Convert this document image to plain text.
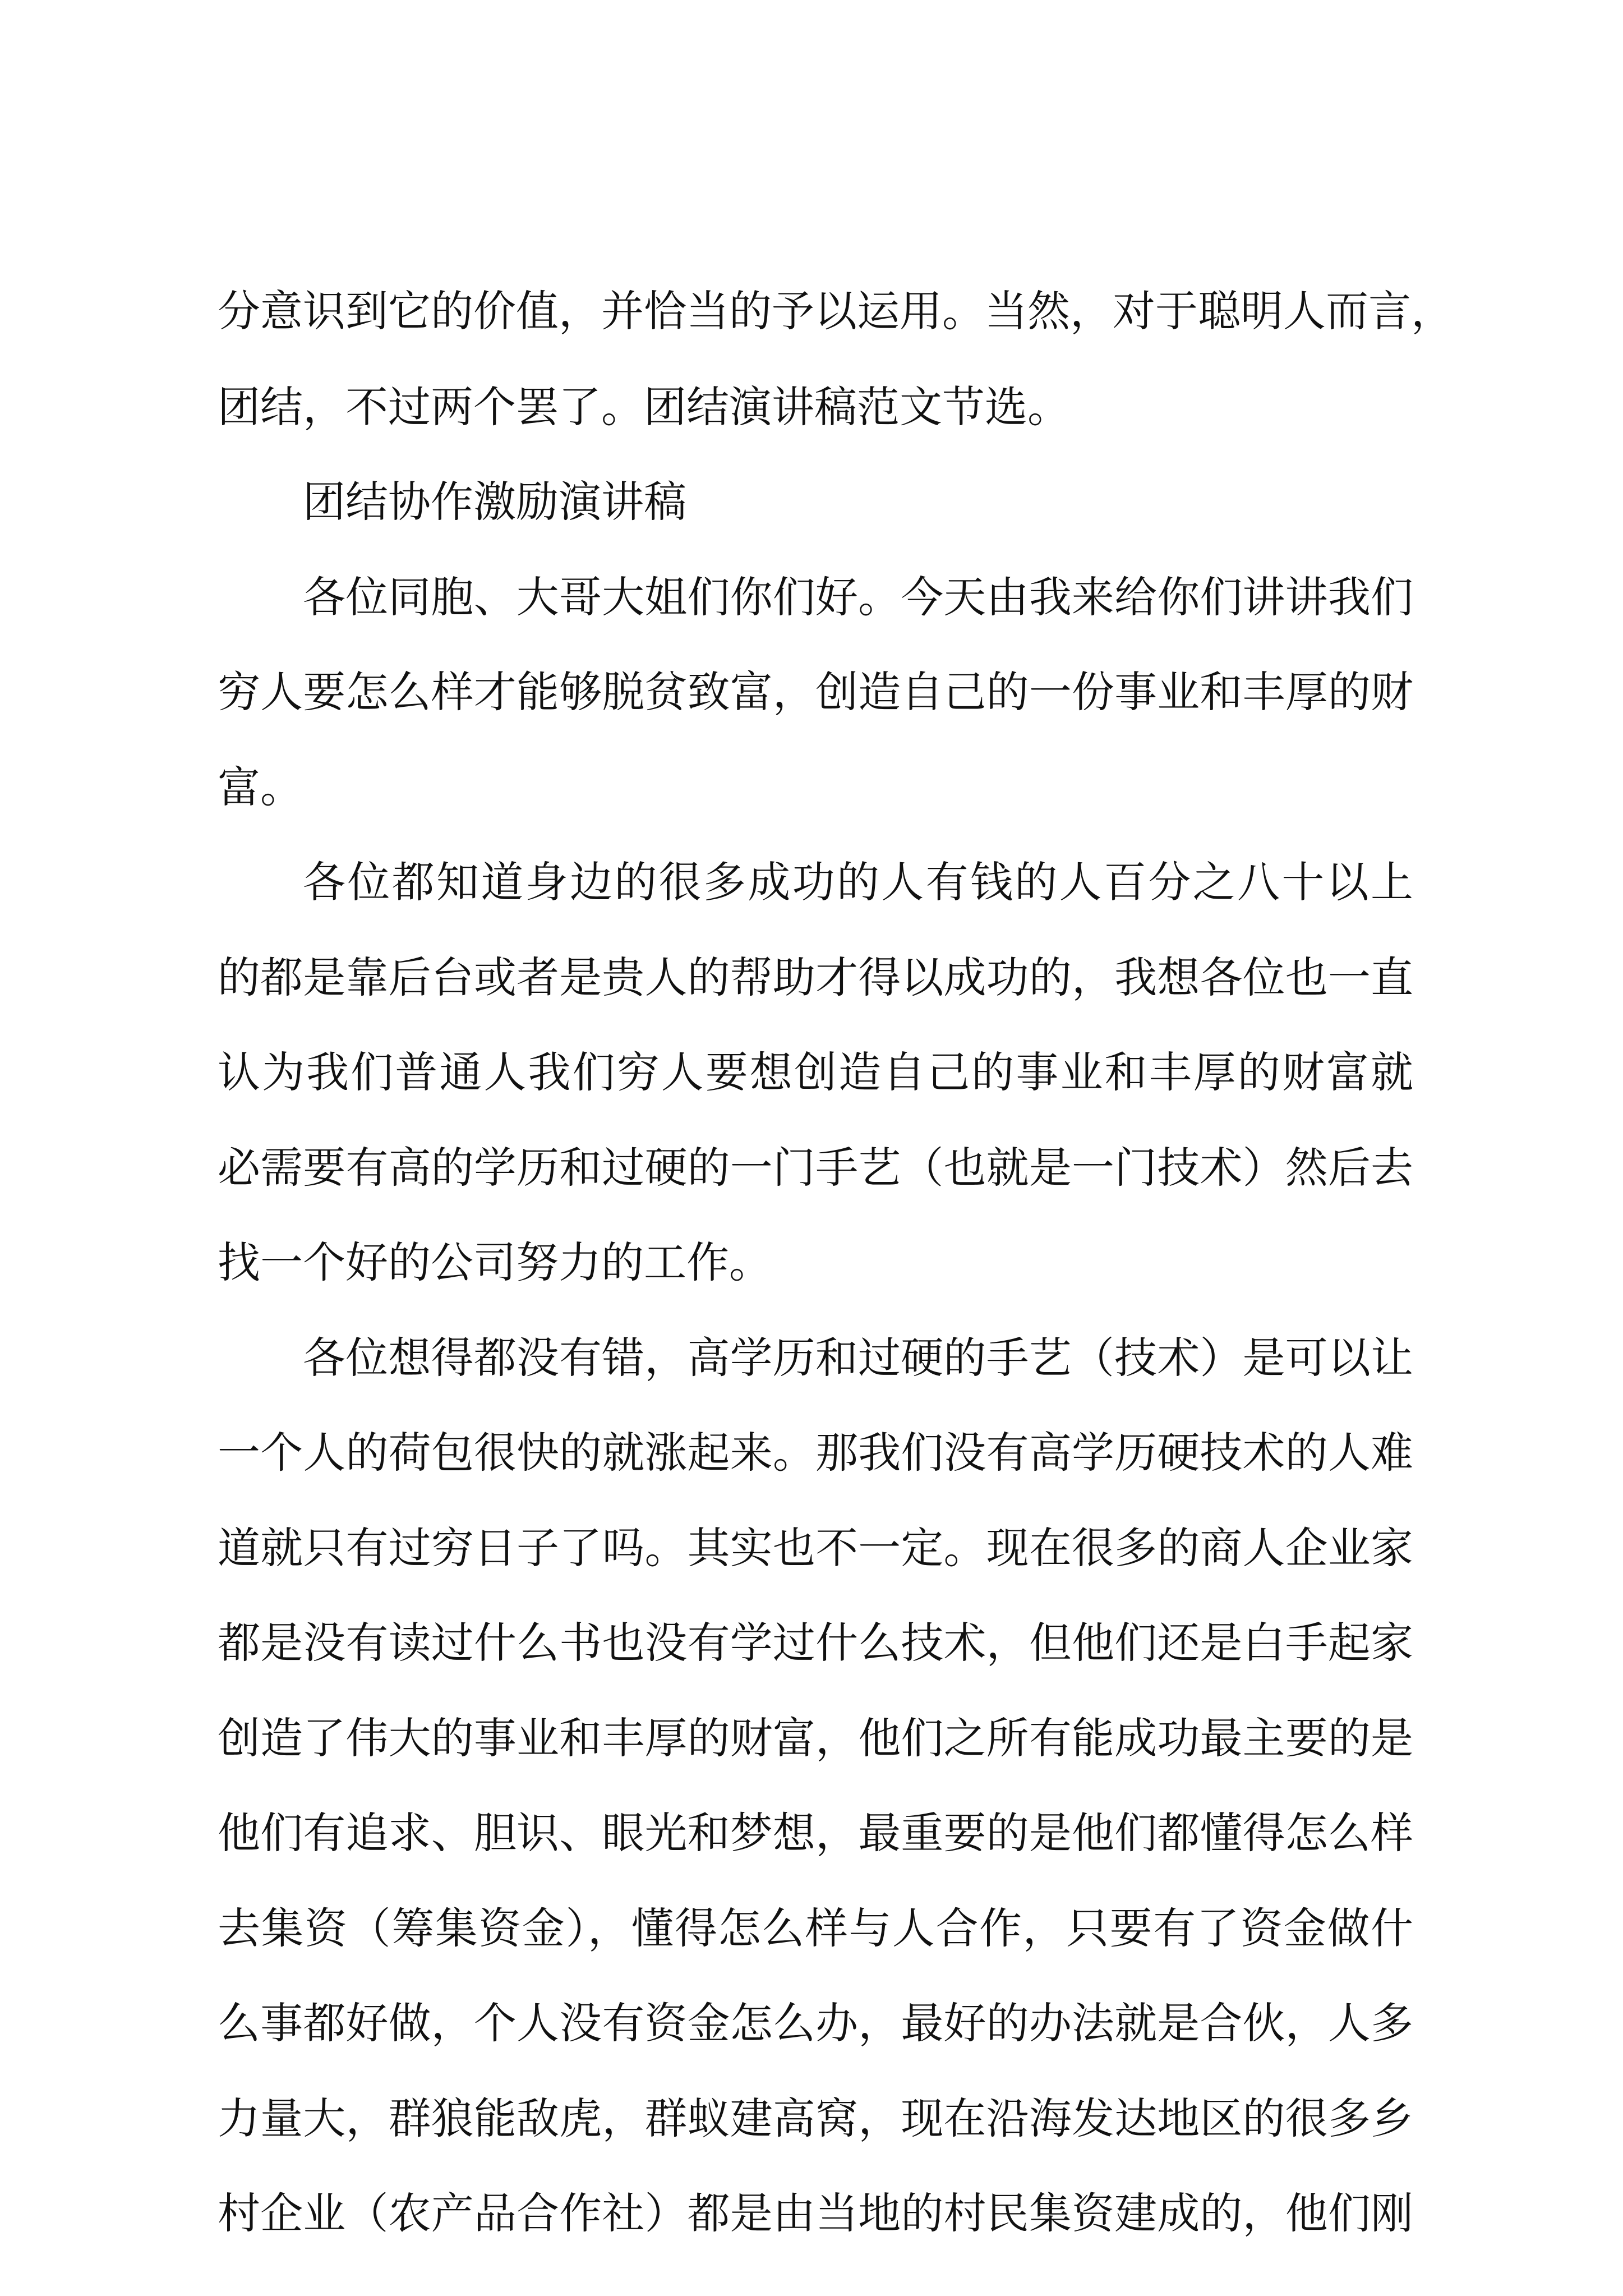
分意识到它的价值，并恰当的予以运用。当然，对于聪明人而言，
团结，不过两个罢了。团结演讲稿范文节选。
团结协作激励演讲稿
各位同胞、大哥大姐们你们好。今天由我来给你们讲讲我们
穷人要怎么样才能够脱贫致富，创造自己的一份事业和丰厚的财
富。
各位都知道身边的很多成功的人有钱的人百分之八十以上
的都是靠后台或者是贵人的帮助才得以成功的，我想各位也一直
认为我们普通人我们穷人要想创造自己的事业和丰厚的财富就
必需要有高的学历和过硬的一门手艺（也就是一门技术）然后去
找一个好的公司努力的工作。
各位想得都没有错，高学历和过硬的手艺（技术）是可以让
一个人的荷包很快的就涨起来。那我们没有高学历硬技术的人难
道就只有过穷日子了吗。其实也不一定。现在很多的商人企业家
都是没有读过什么书也没有学过什么技术，但他们还是白手起家
创造了伟大的事业和丰厚的财富，他们之所有能成功最主要的是
他们有追求、胆识、眼光和梦想，最重要的是他们都懂得怎么样
去集资（筹集资金），懂得怎么样与人合作，只要有了资金做什
么事都好做，个人没有资金怎么办，最好的办法就是合伙，人多
力量大，群狼能敌虎，群蚁建高窝，现在沿海发达地区的很多乡
村企业（农产品合作社）都是由当地的村民集资建成的，他们刚
